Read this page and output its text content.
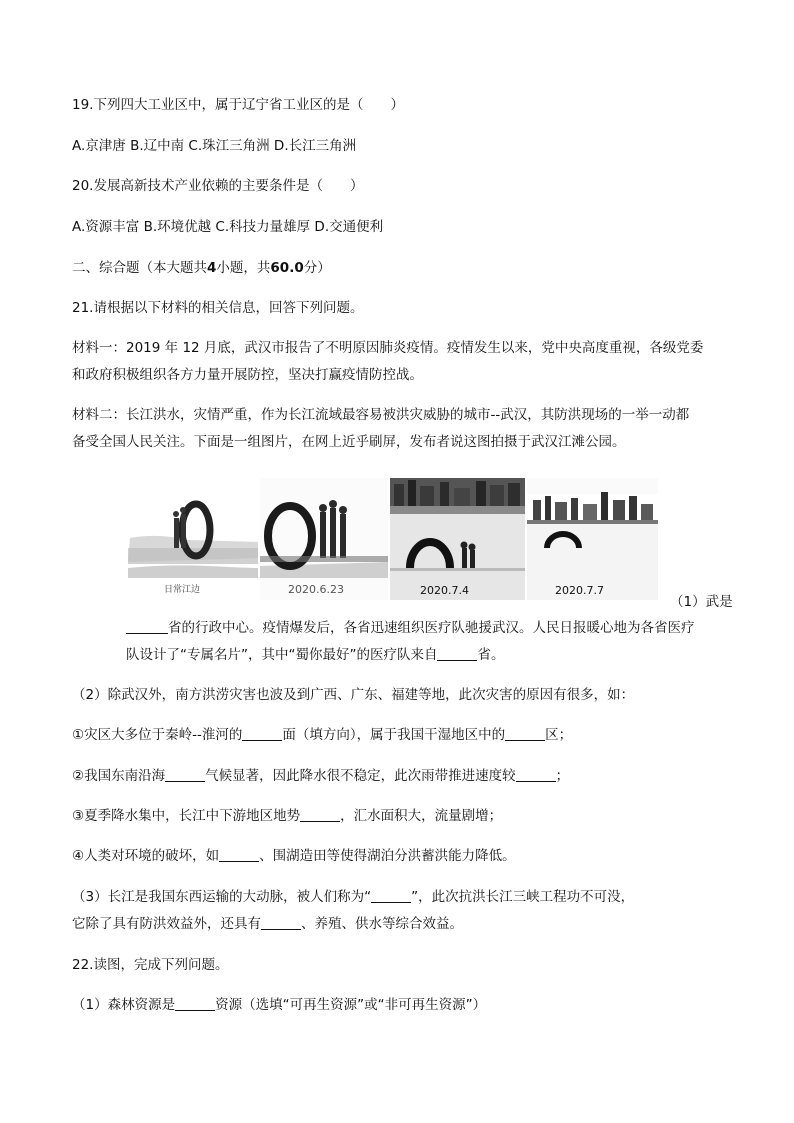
19.下列四大工业区中，属于辽宁省工业区的是（　　）
A.京津唐 B.辽中南 C.珠江三角洲 D.长江三角洲
20.发展高新技术产业依赖的主要条件是（　　）
A.资源丰富 B.环境优越 C.科技力量雄厚 D.交通便利
二、综合题（本大题共4小题，共60.0分）
21.请根据以下材料的相关信息，回答下列问题。
材料一：2019 年 12 月底，武汉市报告了不明原因肺炎疫情。疫情发生以来，党中央高度重视，各级党委
和政府积极组织各方力量开展防控，坚决打赢疫情防控战。
材料二：长江洪水，灾情严重，作为长江流域最容易被洪灾威胁的城市--武汉，其防洪现场的一举一动都
备受全国人民关注。下面是一组图片，在网上近乎刷屏，发布者说这图拍摄于武汉江滩公园。
日常江边	2020.6.23	2020.7.4	2020.7.7
（1）武是
省的行政中心。疫情爆发后，各省迅速组织医疗队驰援武汉。人民日报暖心地为各省医疗
队设计了“专属名片”，其中“蜀你最好”的医疗队来自	省。
（2）除武汉外，南方洪涝灾害也波及到广西、广东、福建等地，此次灾害的原因有很多，如：
①灾区大多位于秦岭--淮河的	面（填方向），属于我国干湿地区中的	区；
②我国东南沿海	气候显著，因此降水很不稳定，此次雨带推进速度较	；
③夏季降水集中，长江中下游地区地势	，汇水面积大，流量剧增；
④人类对环境的破坏，如	、围湖造田等使得湖泊分洪蓄洪能力降低。
（3）长江是我国东西运输的大动脉，被人们称为“	”，此次抗洪长江三峡工程功不可没，
它除了具有防洪效益外，还具有	、养殖、供水等综合效益。
22.读图，完成下列问题。
（1）森林资源是	资源（选填“可再生资源”或“非可再生资源”）
